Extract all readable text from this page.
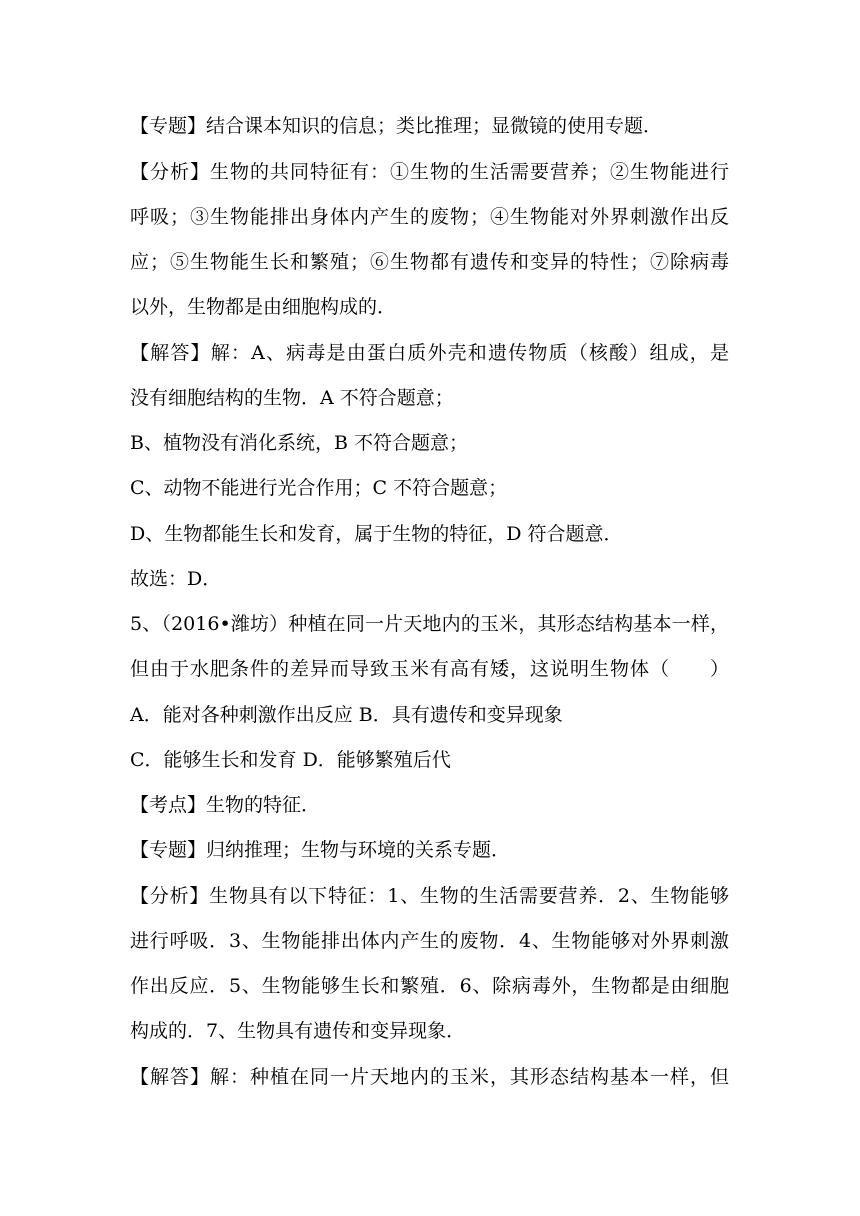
【专题】结合课本知识的信息；类比推理；显微镜的使用专题．
【分析】生物的共同特征有：①生物的生活需要营养；②生物能进行
呼吸；③生物能排出身体内产生的废物；④生物能对外界刺激作出反
应；⑤生物能生长和繁殖；⑥生物都有遗传和变异的特性；⑦除病毒
以外，生物都是由细胞构成的．
【解答】解：A、病毒是由蛋白质外壳和遗传物质（核酸）组成，是
没有细胞结构的生物．A 不符合题意；
B、植物没有消化系统，B 不符合题意；
C、动物不能进行光合作用；C 不符合题意；
D、生物都能生长和发育，属于生物的特征，D 符合题意．
故选：D．
5、（2016•潍坊）种植在同一片天地内的玉米，其形态结构基本一样，
但由于水肥条件的差异而导致玉米有高有矮，这说明生物体（　　）
A．能对各种刺激作出反应 B．具有遗传和变异现象
C．能够生长和发育 D．能够繁殖后代
【考点】生物的特征．
【专题】归纳推理；生物与环境的关系专题．
【分析】生物具有以下特征：1、生物的生活需要营养．2、生物能够
进行呼吸．3、生物能排出体内产生的废物．4、生物能够对外界刺激
作出反应．5、生物能够生长和繁殖．6、除病毒外，生物都是由细胞
构成的．7、生物具有遗传和变异现象．
【解答】解：种植在同一片天地内的玉米，其形态结构基本一样，但
